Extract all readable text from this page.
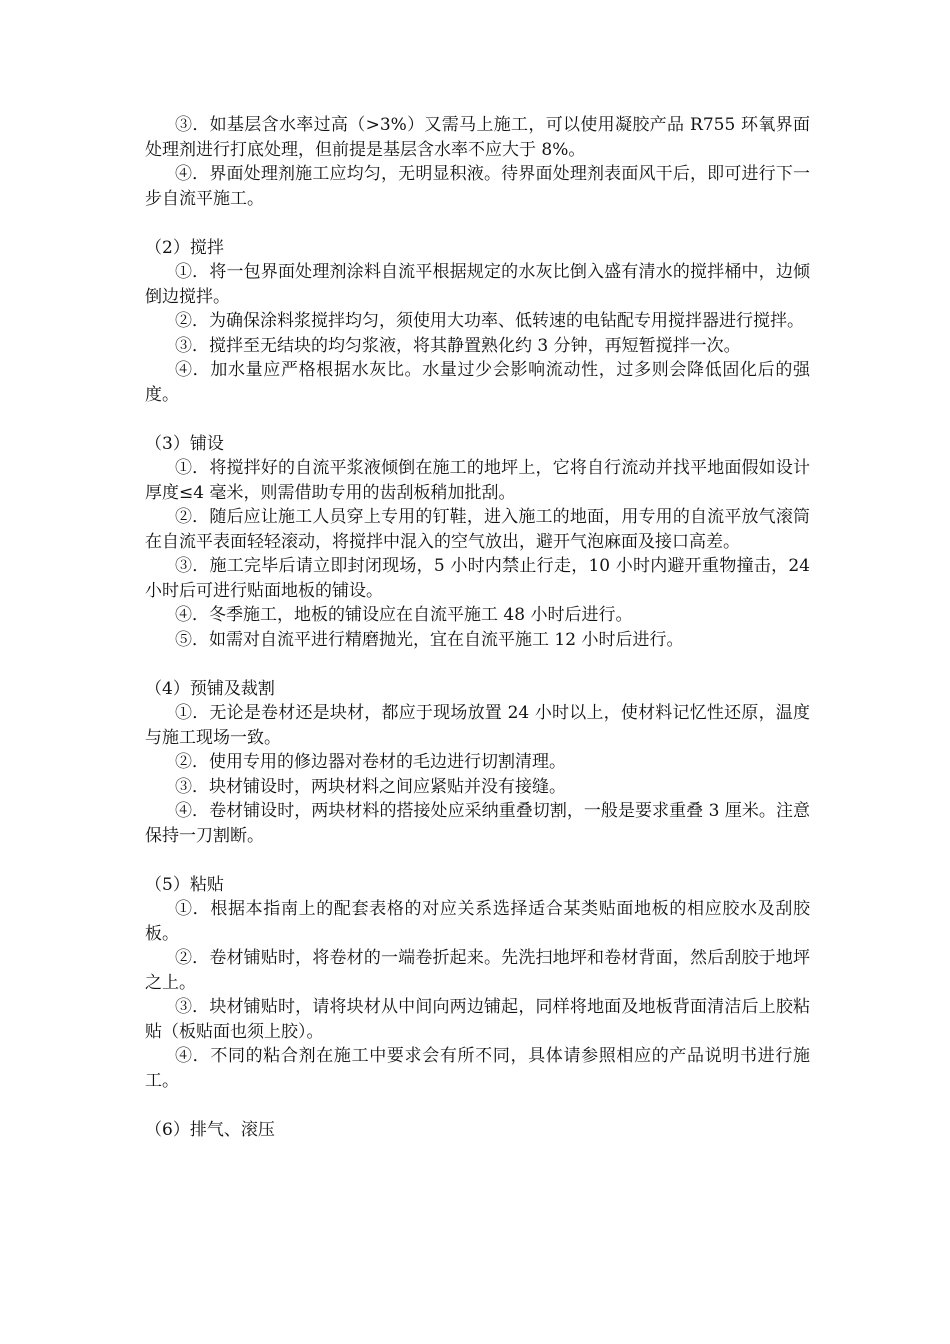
③．如基层含水率过高（>3%）又需马上施工，可以使用凝胶产品 R755 环氧界面处理剂进行打底处理，但前提是基层含水率不应大于 8%。

④．界面处理剂施工应均匀，无明显积液。待界面处理剂表面风干后，即可进行下一步自流平施工。

（2）搅拌

①．将一包界面处理剂涂料自流平根据规定的水灰比倒入盛有清水的搅拌桶中，边倾倒边搅拌。

②．为确保涂料浆搅拌均匀，须使用大功率、低转速的电钻配专用搅拌器进行搅拌。

③．搅拌至无结块的均匀浆液，将其静置熟化约 3 分钟，再短暂搅拌一次。

④．加水量应严格根据水灰比。水量过少会影响流动性，过多则会降低固化后的强度。

（3）铺设

①．将搅拌好的自流平浆液倾倒在施工的地坪上，它将自行流动并找平地面假如设计厚度≤4 毫米，则需借助专用的齿刮板稍加批刮。

②．随后应让施工人员穿上专用的钉鞋，进入施工的地面，用专用的自流平放气滚筒在自流平表面轻轻滚动，将搅拌中混入的空气放出，避开气泡麻面及接口高差。

③．施工完毕后请立即封闭现场，5 小时内禁止行走，10 小时内避开重物撞击，24 小时后可进行贴面地板的铺设。

④．冬季施工，地板的铺设应在自流平施工 48 小时后进行。

⑤．如需对自流平进行精磨抛光，宜在自流平施工 12 小时后进行。

（4）预铺及裁割

①．无论是卷材还是块材，都应于现场放置 24 小时以上，使材料记忆性还原，温度与施工现场一致。

②．使用专用的修边器对卷材的毛边进行切割清理。

③．块材铺设时，两块材料之间应紧贴并没有接缝。

④．卷材铺设时，两块材料的搭接处应采纳重叠切割，一般是要求重叠 3 厘米。注意保持一刀割断。

（5）粘贴

①．根据本指南上的配套表格的对应关系选择适合某类贴面地板的相应胶水及刮胶板。

②．卷材铺贴时，将卷材的一端卷折起来。先洗扫地坪和卷材背面，然后刮胶于地坪之上。

③．块材铺贴时，请将块材从中间向两边铺起，同样将地面及地板背面清洁后上胶粘贴（板贴面也须上胶）。

④．不同的粘合剂在施工中要求会有所不同，具体请参照相应的产品说明书进行施工。

（6）排气、滚压
